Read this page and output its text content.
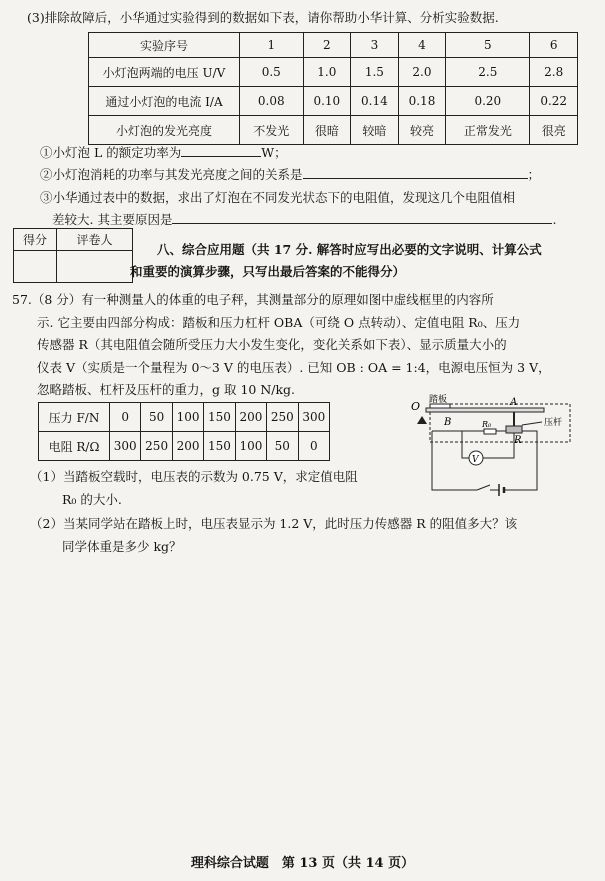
(3)排除故障后，小华通过实验得到的数据如下表，请你帮助小华计算、分析实验数据.
实验序号	1	2	3	4	5	6
小灯泡两端的电压 U/V	0.5	1.0	1.5	2.0	2.5	2.8
通过小灯泡的电流 I/A	0.08	0.10	0.14	0.18	0.20	0.22
小灯泡的发光亮度	不发光	很暗	较暗	较亮	正常发光	很亮
①小灯泡 L 的额定功率为	W；
②小灯泡消耗的功率与其发光亮度之间的关系是	；
③小华通过表中的数据，求出了灯泡在不同发光状态下的电阻值，发现这几个电阻值相
差较大. 其主要原因是	.
得分	评卷人

八、综合应用题（共 17 分. 解答时应写出必要的文字说明、计算公式
和重要的演算步骤，只写出最后答案的不能得分）
57.（8 分）有一种测量人的体重的电子秤，其测量部分的原理如图中虚线框里的内容所
示. 它主要由四部分构成：踏板和压力杠杆 OBA（可绕 O 点转动）、定值电阻 R₀、压力
传感器 R（其电阻值会随所受压力大小发生变化，变化关系如下表）、显示质量大小的
仪表 V（实质是一个量程为 0～3 V 的电压表）. 已知 OB : OA = 1:4，电源电压恒为 3 V，
忽略踏板、杠杆及压杆的重力，g 取 10 N/kg.
压力 F/N	0	50	100	150	200	250	300
电阻 R/Ω	300	250	200	150	100	50	0
O 踏板	A
B	压杆
R
R₀
V
（1）当踏板空载时，电压表的示数为 0.75 V，求定值电阻
R₀ 的大小.
（2）当某同学站在踏板上时，电压表显示为 1.2 V，此时压力传感器 R 的阻值多大？该
同学体重是多少 kg？
理科综合试题　第 13 页（共 14 页）
